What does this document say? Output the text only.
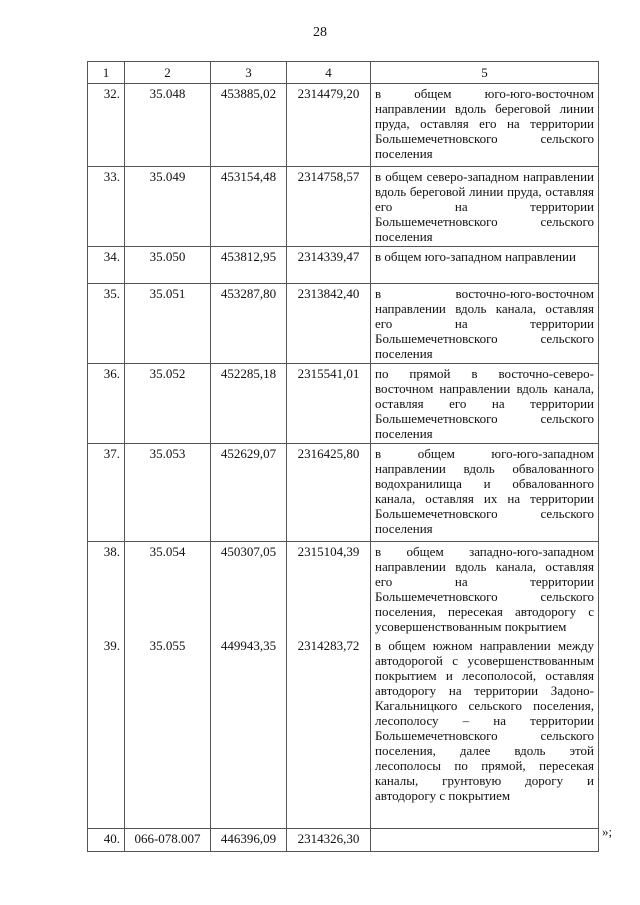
28
1	2	3	4	5
32.	35.048	453885,02	2314479,20	в общем юго-юго-восточном направлении вдоль береговой линии пруда, оставляя его на территории Большемечетновского сельского поселения
33.	35.049	453154,48	2314758,57	в общем северо-западном направлении вдоль береговой линии пруда, оставляя его на территории Большемечетновского сельского поселения
34.	35.050	453812,95	2314339,47	в общем юго-западном направлении
35.	35.051	453287,80	2313842,40	в восточно-юго-восточном направлении вдоль канала, оставляя его на территории Большемечетновского сельского поселения
36.	35.052	452285,18	2315541,01	по прямой в восточно-северо-восточном направлении вдоль канала, оставляя его на территории Большемечетновского сельского поселения
37.	35.053	452629,07	2316425,80	в общем юго-юго-западном направлении вдоль обвалованного водохранилища и обвалованного канала, оставляя их на территории Большемечетновского сельского поселения
38.	35.054	450307,05	2315104,39	в общем западно-юго-западном направлении вдоль канала, оставляя его на территории Большемечетновского сельского поселения, пересекая автодорогу с усовершенствованным покрытием
39.	35.055	449943,35	2314283,72	в общем южном направлении между автодорогой с усовершенствованным покрытием и лесополосой, оставляя автодорогу на территории Задоно-Кагальницкого сельского поселения, лесополосу – на территории Большемечетновского сельского поселения, далее вдоль этой лесополосы по прямой, пересекая каналы, грунтовую дорогу и автодорогу с покрытием
40.	066-078.007	446396,09	2314326,30		»;
